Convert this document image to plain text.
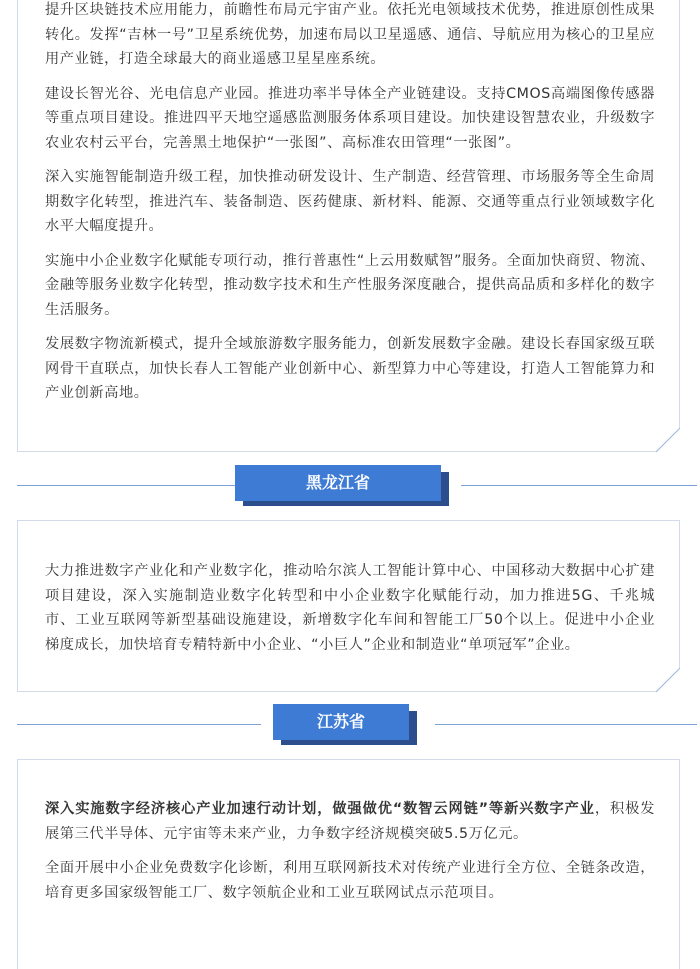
提升区块链技术应用能力，前瞻性布局元宇宙产业。依托光电领域技术优势，推进原创性成果转化。发挥“吉林一号”卫星系统优势，加速布局以卫星遥感、通信、导航应用为核心的卫星应用产业链，打造全球最大的商业遥感卫星星座系统。

建设长智光谷、光电信息产业园。推进功率半导体全产业链建设。支持CMOS高端图像传感器等重点项目建设。推进四平天地空遥感监测服务体系项目建设。加快建设智慧农业，升级数字农业农村云平台，完善黑土地保护“一张图”、高标准农田管理“一张图”。

深入实施智能制造升级工程，加快推动研发设计、生产制造、经营管理、市场服务等全生命周期数字化转型，推进汽车、装备制造、医药健康、新材料、能源、交通等重点行业领域数字化水平大幅度提升。

实施中小企业数字化赋能专项行动，推行普惠性“上云用数赋智”服务。全面加快商贸、物流、金融等服务业数字化转型，推动数字技术和生产性服务深度融合，提供高品质和多样化的数字生活服务。

发展数字物流新模式，提升全域旅游数字服务能力，创新发展数字金融。建设长春国家级互联网骨干直联点，加快长春人工智能产业创新中心、新型算力中心等建设，打造人工智能算力和产业创新高地。

黑龙江省

大力推进数字产业化和产业数字化，推动哈尔滨人工智能计算中心、中国移动大数据中心扩建项目建设，深入实施制造业数字化转型和中小企业数字化赋能行动，加力推进5G、千兆城市、工业互联网等新型基础设施建设，新增数字化车间和智能工厂50个以上。促进中小企业梯度成长，加快培育专精特新中小企业、“小巨人”企业和制造业“单项冠军”企业。

江苏省

深入实施数字经济核心产业加速行动计划，做强做优“数智云网链”等新兴数字产业，积极发展第三代半导体、元宇宙等未来产业，力争数字经济规模突破5.5万亿元。

全面开展中小企业免费数字化诊断，利用互联网新技术对传统产业进行全方位、全链条改造，培育更多国家级智能工厂、数字领航企业和工业互联网试点示范项目。
